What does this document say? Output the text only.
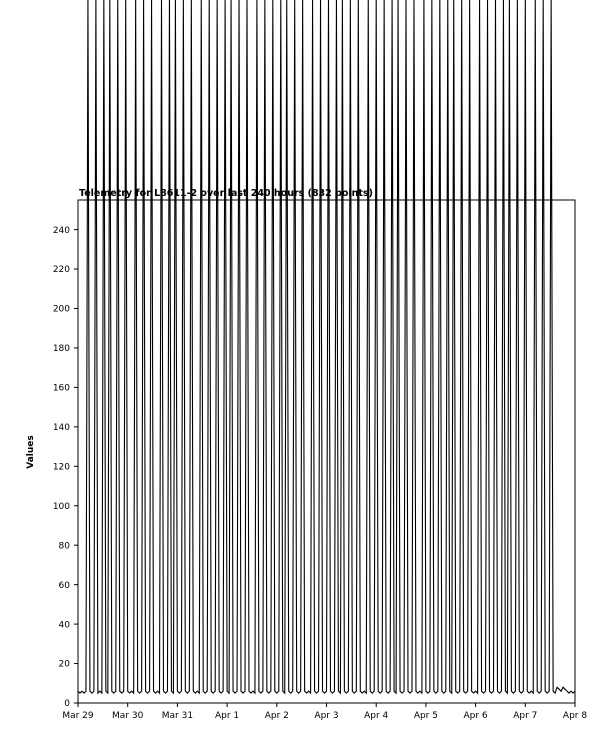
0
20
40
60
80
100
120
140
160
180
200
220
240
Mar 29 Mar 30 Mar 31 Apr 1	Apr 2	Apr 3	Apr 4	Apr 5	Apr 6	Apr 7	Apr 8
Values
Telemetry for L8611-2 over last 240 hours (832 points)
